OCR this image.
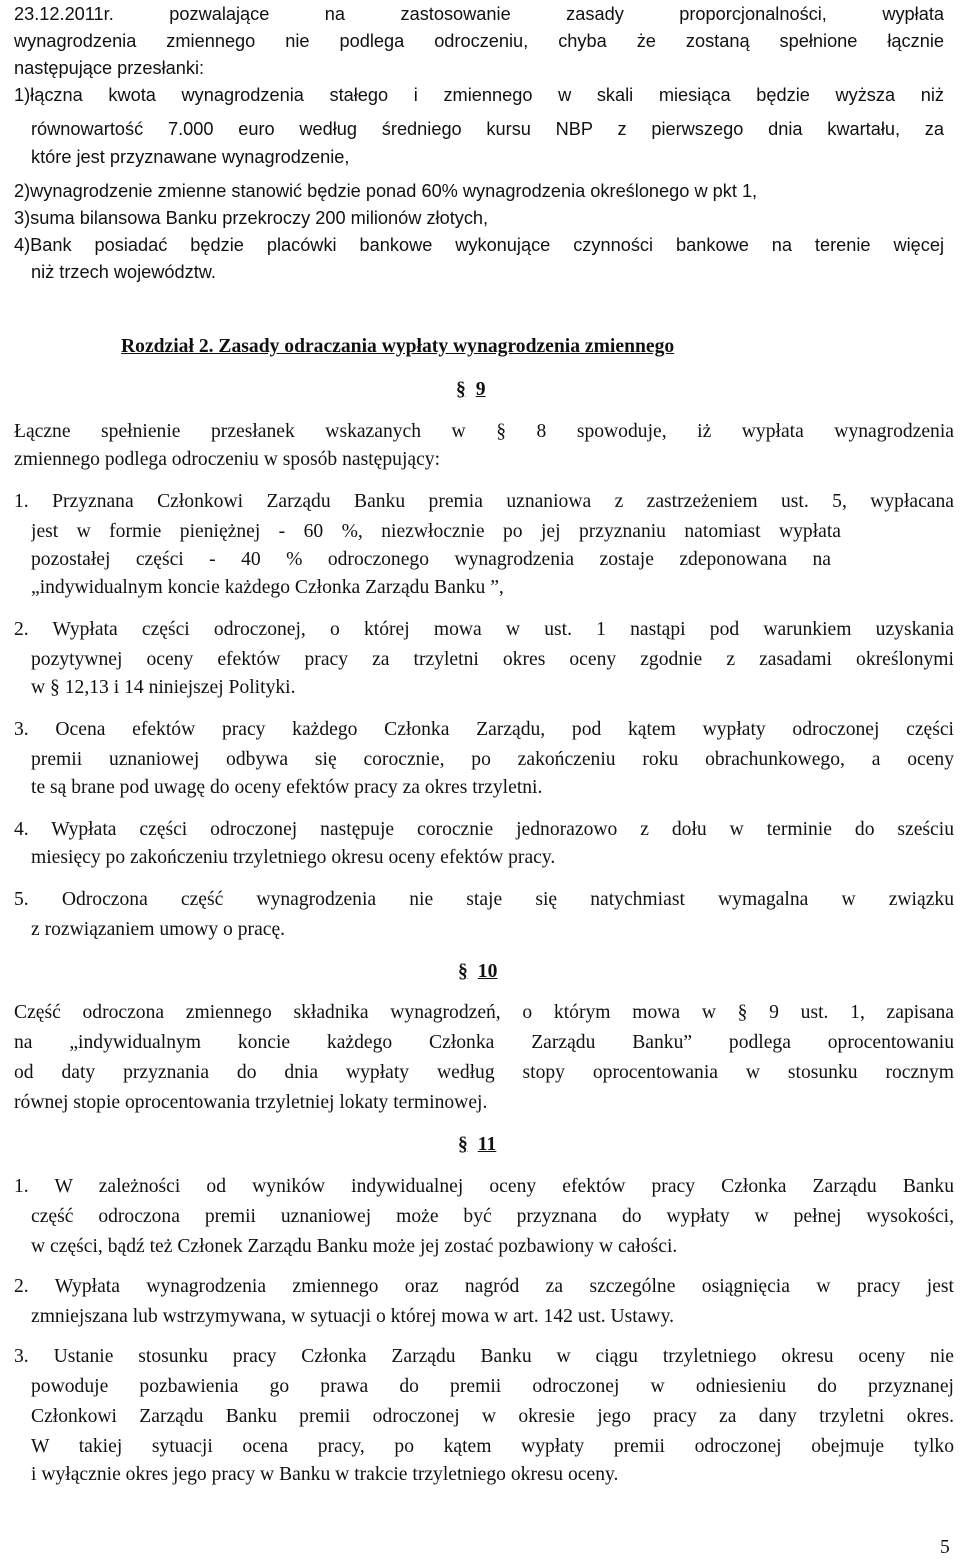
23.12.2011r. pozwalające na zastosowanie zasady proporcjonalności, wypłata
wynagrodzenia zmiennego nie podlega odroczeniu, chyba że zostaną spełnione łącznie
następujące przesłanki:
1)łączna kwota wynagrodzenia stałego i zmiennego w skali miesiąca będzie wyższa niż
równowartość 7.000 euro według średniego kursu NBP z pierwszego dnia kwartału, za
które jest przyznawane wynagrodzenie,
2)wynagrodzenie zmienne stanowić będzie ponad 60% wynagrodzenia określonego w pkt 1,
3)suma bilansowa Banku przekroczy 200 milionów złotych,
4)Bank posiadać będzie placówki bankowe wykonujące czynności bankowe na terenie więcej
niż trzech województw.
Rozdział 2. Zasady odraczania wypłaty wynagrodzenia zmiennego
§ 9
Łączne spełnienie przesłanek wskazanych w § 8 spowoduje, iż wypłata wynagrodzenia
zmiennego podlega odroczeniu w sposób następujący:
1. Przyznana Członkowi Zarządu Banku premia uznaniowa z zastrzeżeniem ust. 5, wypłacana
jest w formie pieniężnej - 60 %, niezwłocznie po jej przyznaniu natomiast wypłata
pozostałej części - 40 % odroczonego wynagrodzenia zostaje zdeponowana na
„indywidualnym koncie każdego Członka Zarządu Banku ”,
2. Wypłata części odroczonej, o której mowa w ust. 1 nastąpi pod warunkiem uzyskania
pozytywnej oceny efektów pracy za trzyletni okres oceny zgodnie z zasadami określonymi
w § 12,13 i 14 niniejszej Polityki.
3. Ocena efektów pracy każdego Członka Zarządu, pod kątem wypłaty odroczonej części
premii uznaniowej odbywa się corocznie, po zakończeniu roku obrachunkowego, a oceny
te są brane pod uwagę do oceny efektów pracy za okres trzyletni.
4. Wypłata części odroczonej następuje corocznie jednorazowo z dołu w terminie do sześciu
miesięcy po zakończeniu trzyletniego okresu oceny efektów pracy.
5. Odroczona część wynagrodzenia nie staje się natychmiast wymagalna w związku
z rozwiązaniem umowy o pracę.
§ 10
Część odroczona zmiennego składnika wynagrodzeń, o którym mowa w § 9 ust. 1, zapisana
na „indywidualnym koncie każdego Członka Zarządu Banku” podlega oprocentowaniu
od daty przyznania do dnia wypłaty według stopy oprocentowania w stosunku rocznym
równej stopie oprocentowania trzyletniej lokaty terminowej.
§ 11
1. W zależności od wyników indywidualnej oceny efektów pracy Członka Zarządu Banku
część odroczona premii uznaniowej może być przyznana do wypłaty w pełnej wysokości,
w części, bądź też Członek Zarządu Banku może jej zostać pozbawiony w całości.
2. Wypłata wynagrodzenia zmiennego oraz nagród za szczególne osiągnięcia w pracy jest
zmniejszana lub wstrzymywana, w sytuacji o której mowa w art. 142 ust. Ustawy.
3. Ustanie stosunku pracy Członka Zarządu Banku w ciągu trzyletniego okresu oceny nie
powoduje pozbawienia go prawa do premii odroczonej w odniesieniu do przyznanej
Członkowi Zarządu Banku premii odroczonej w okresie jego pracy za dany trzyletni okres.
W takiej sytuacji ocena pracy, po kątem wypłaty premii odroczonej obejmuje tylko
i wyłącznie okres jego pracy w Banku w trakcie trzyletniego okresu oceny.
5
